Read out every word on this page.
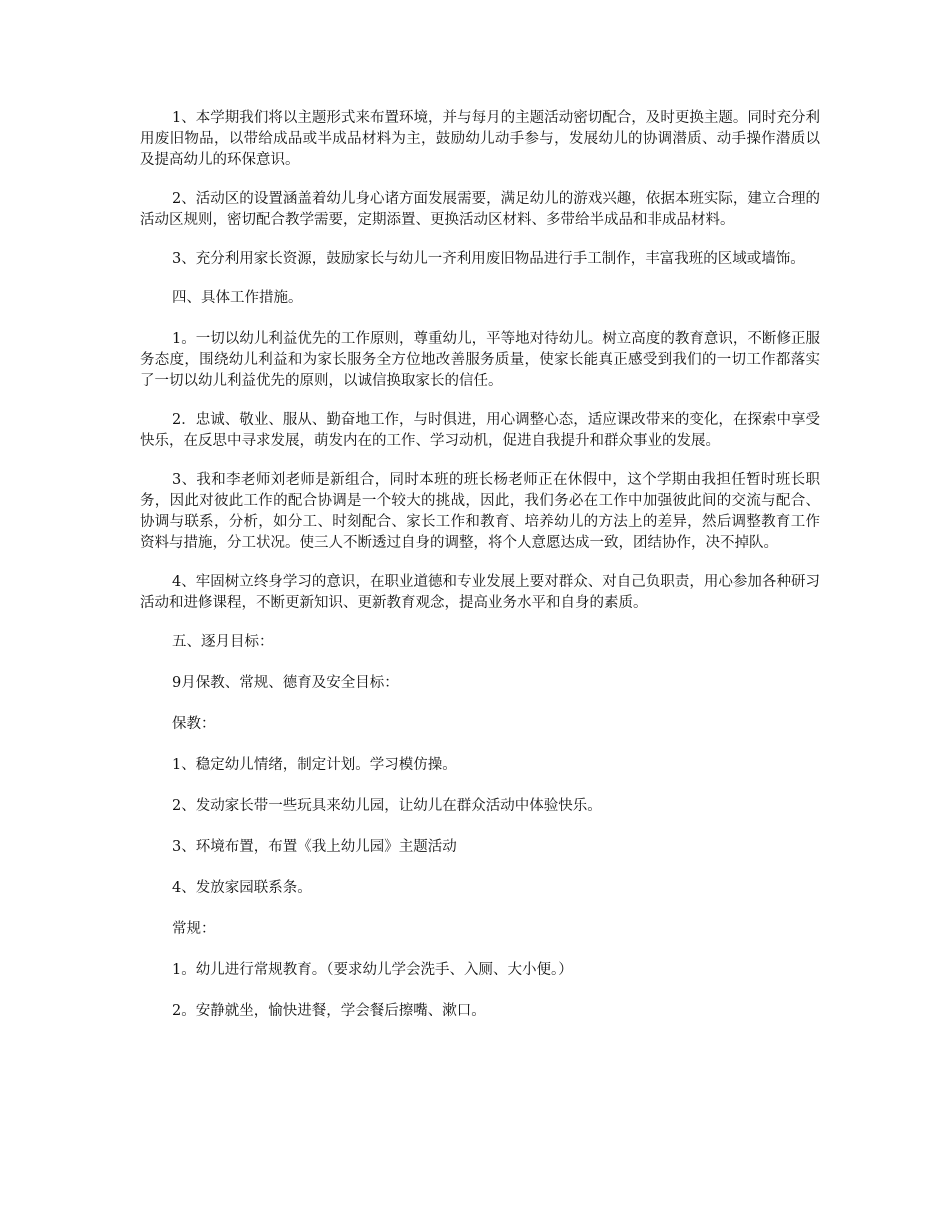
1、本学期我们将以主题形式来布置环境，并与每月的主题活动密切配合，及时更换主题。同时充分利用废旧物品，以带给成品或半成品材料为主，鼓励幼儿动手参与，发展幼儿的协调潜质、动手操作潜质以及提高幼儿的环保意识。

2、活动区的设置涵盖着幼儿身心诸方面发展需要，满足幼儿的游戏兴趣，依据本班实际，建立合理的活动区规则，密切配合教学需要，定期添置、更换活动区材料、多带给半成品和非成品材料。

3、充分利用家长资源，鼓励家长与幼儿一齐利用废旧物品进行手工制作，丰富我班的区域或墙饰。

四、具体工作措施。

1。一切以幼儿利益优先的工作原则，尊重幼儿，平等地对待幼儿。树立高度的教育意识，不断修正服务态度，围绕幼儿利益和为家长服务全方位地改善服务质量，使家长能真正感受到我们的一切工作都落实了一切以幼儿利益优先的原则，以诚信换取家长的信任。

2．忠诚、敬业、服从、勤奋地工作，与时俱进，用心调整心态，适应课改带来的变化，在探索中享受快乐，在反思中寻求发展，萌发内在的工作、学习动机，促进自我提升和群众事业的发展。

3、我和李老师刘老师是新组合，同时本班的班长杨老师正在休假中，这个学期由我担任暂时班长职务，因此对彼此工作的配合协调是一个较大的挑战，因此，我们务必在工作中加强彼此间的交流与配合、协调与联系，分析，如分工、时刻配合、家长工作和教育、培养幼儿的方法上的差异，然后调整教育工作资料与措施，分工状况。使三人不断透过自身的调整，将个人意愿达成一致，团结协作，决不掉队。

4、牢固树立终身学习的意识，在职业道德和专业发展上要对群众、对自己负职责，用心参加各种研习活动和进修课程，不断更新知识、更新教育观念，提高业务水平和自身的素质。

五、逐月目标：

9月保教、常规、德育及安全目标：

保教：

1、稳定幼儿情绪，制定计划。学习模仿操。

2、发动家长带一些玩具来幼儿园，让幼儿在群众活动中体验快乐。

3、环境布置，布置《我上幼儿园》主题活动

4、发放家园联系条。

常规：

1。幼儿进行常规教育。（要求幼儿学会洗手、入厕、大小便。）

2。安静就坐，愉快进餐，学会餐后擦嘴、漱口。
